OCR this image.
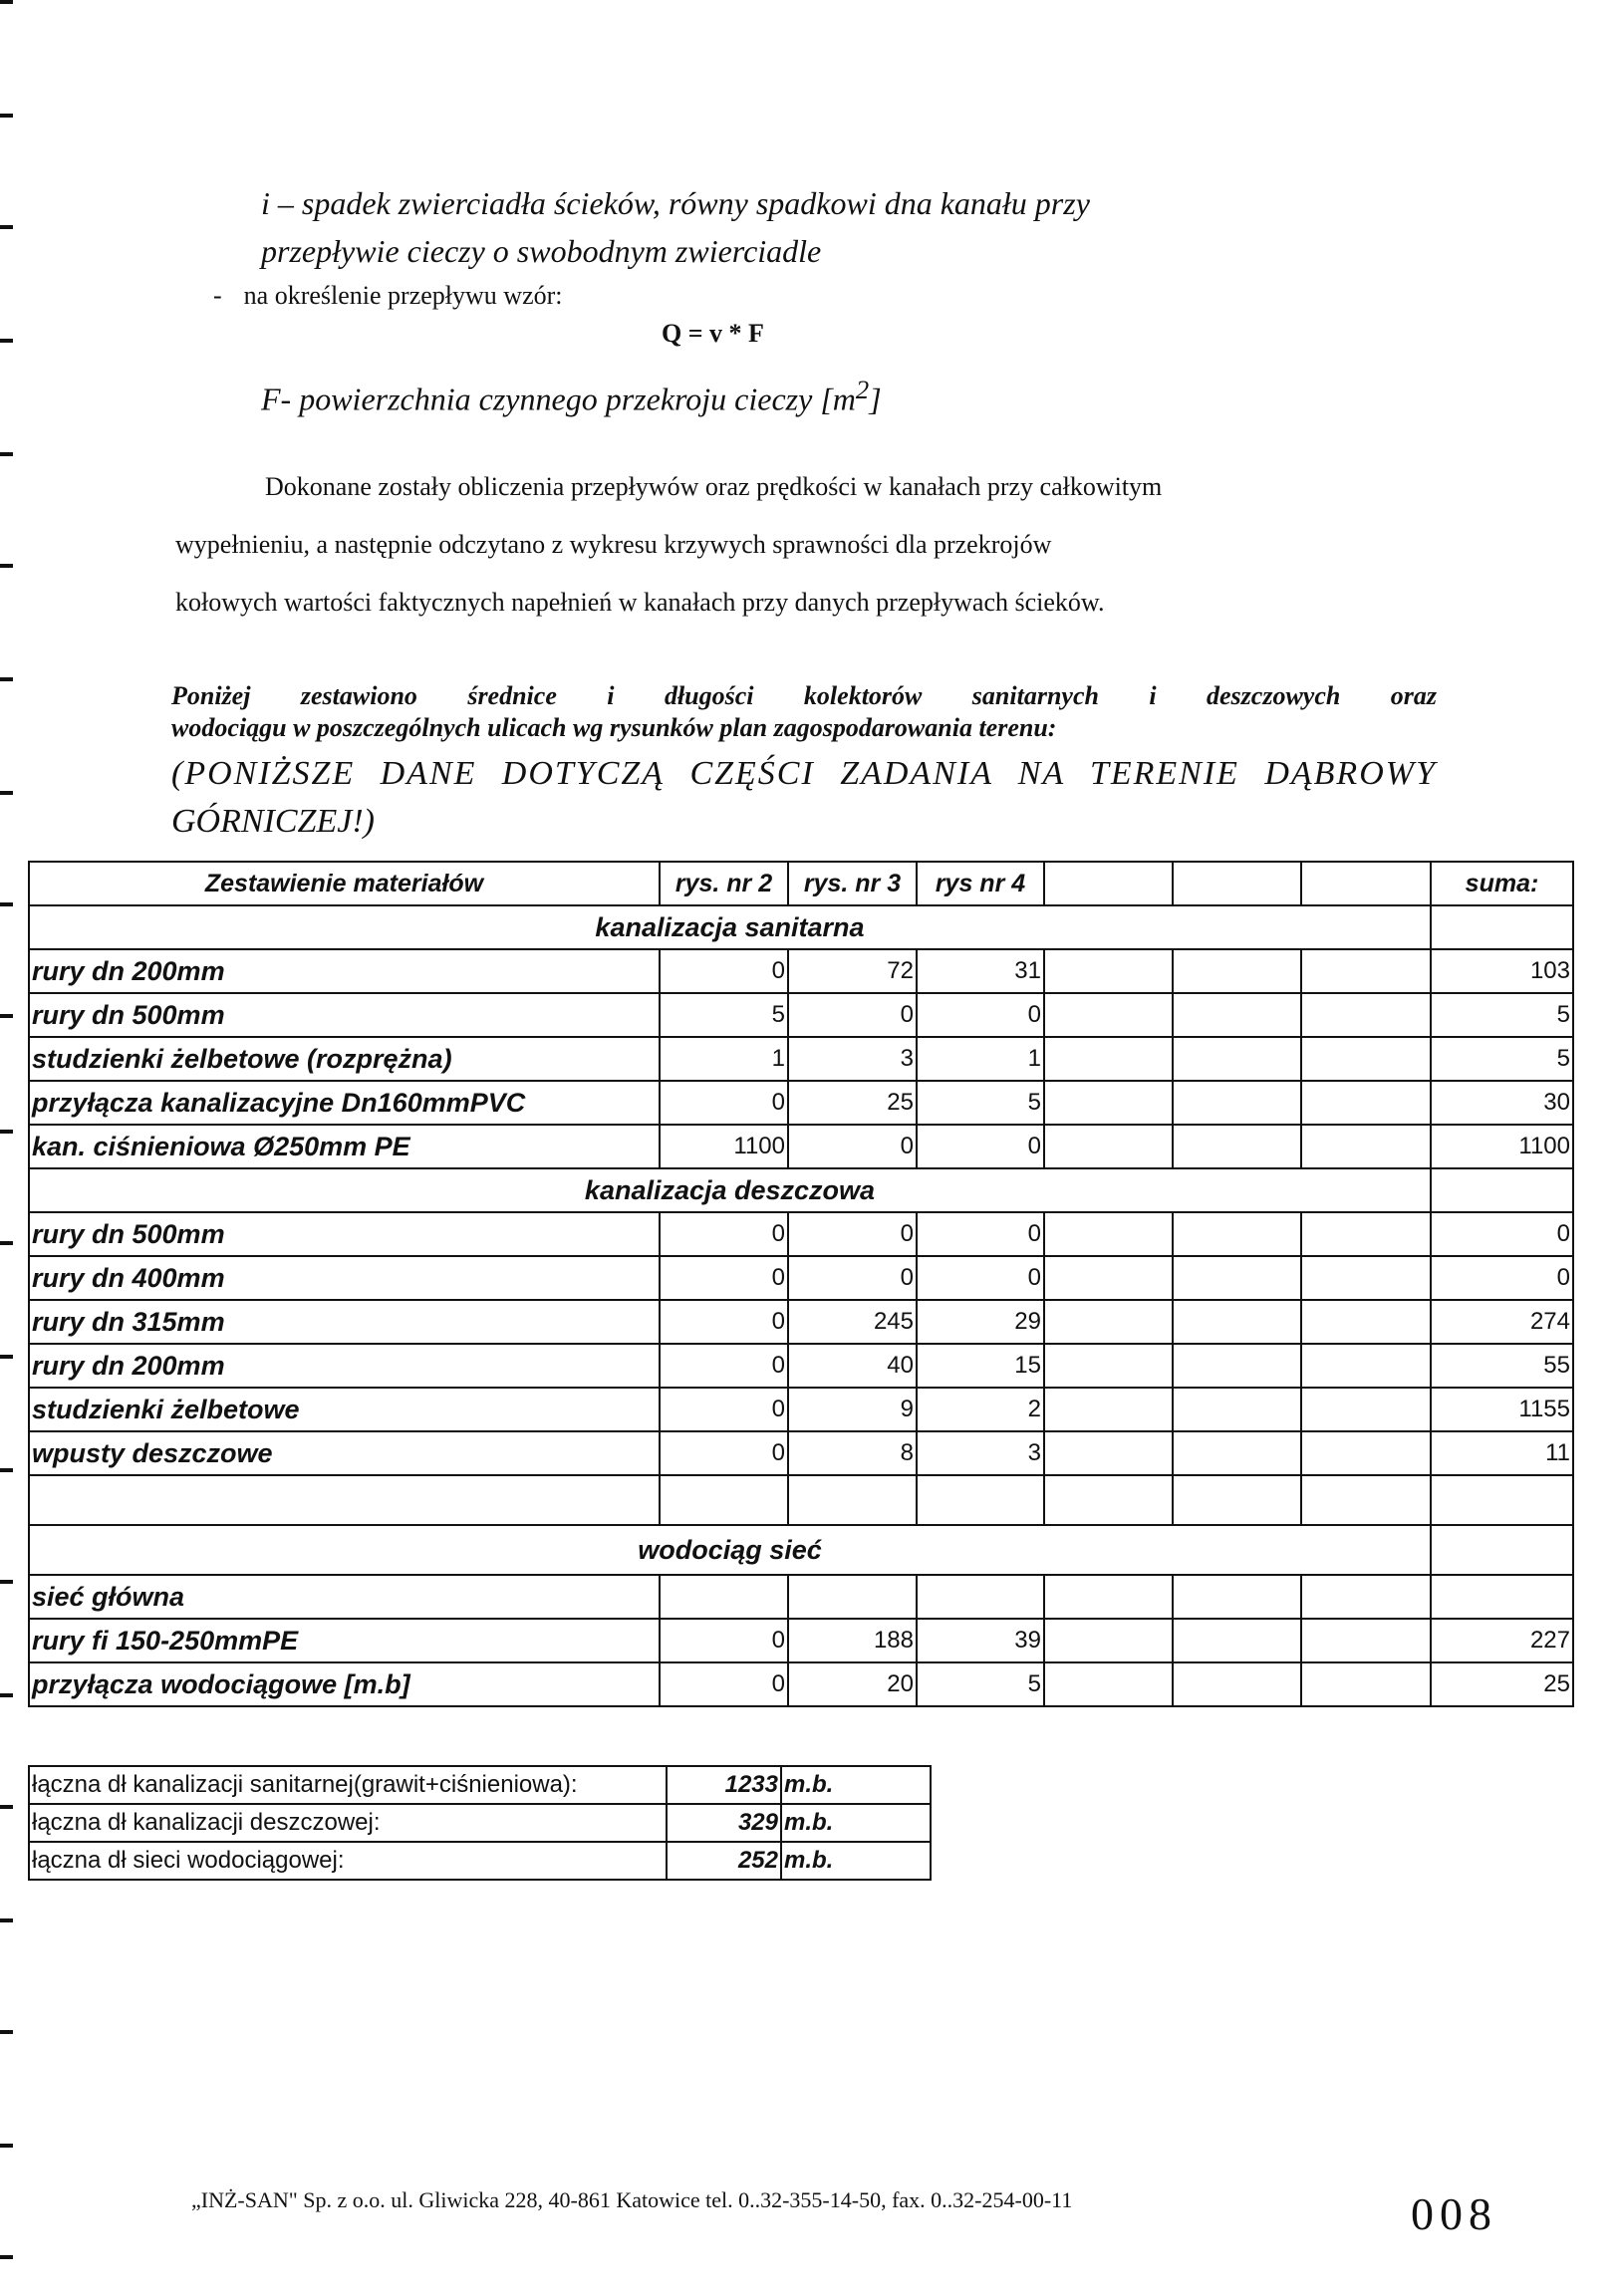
i – spadek zwierciadła ścieków, równy spadkowi dna kanału przy
przepływie cieczy o swobodnym zwierciadle
- na określenie przepływu wzór:
Q = v * F
F- powierzchnia czynnego przekroju cieczy $[m^2]$
Dokonane zostały obliczenia przepływów oraz prędkości w kanałach przy całkowitym
wypełnieniu, a następnie odczytano z wykresu krzywych sprawności dla przekrojów
kołowych wartości faktycznych napełnień w kanałach przy danych przepływach ścieków.
Poniżej zestawiono średnice i długości kolektorów sanitarnych i deszczowych oraz
wodociągu w poszczególnych ulicach wg rysunków plan zagospodarowania terenu:
(PONIŻSZE DANE DOTYCZĄ CZĘŚCI ZADANIA NA TERENIE DĄBROWY
GÓRNICZEJ!)
Zestawienie materiałów	rys. nr 2	rys. nr 3	rys nr 4				suma:
kanalizacja sanitarna							
rury dn 200mm	0	72	31				103
rury dn 500mm	5	0	0				5
studzienki żelbetowe (rozprężna)	1	3	1				5
przyłącza kanalizacyjne Dn160mmPVC	0	25	5				30
kan. ciśnieniowa Ø250mm PE	1100	0	0				1100
kanalizacja deszczowa							
rury dn 500mm	0	0	0				0
rury dn 400mm	0	0	0				0
rury dn 315mm	0	245	29				274
rury dn 200mm	0	40	15				55
studzienki żelbetowe	0	9	2				1155
wpusty deszczowe	0	8	3				11

wodociąg sieć							
sieć główna							
rury fi 150-250mmPE	0	188	39				227
przyłącza wodociągowe [m.b]	0	20	5				25
łączna dł kanalizacji sanitarnej(grawit+ciśnieniowa):	1233	m.b.
łączna dł kanalizacji deszczowej:	329	m.b.
łączna dł sieci wodociągowej:	252	m.b.
„INŻ-SAN" Sp. z o.o. ul. Gliwicka 228, 40-861 Katowice tel. 0..32-355-14-50, fax. 0..32-254-00-11	008
